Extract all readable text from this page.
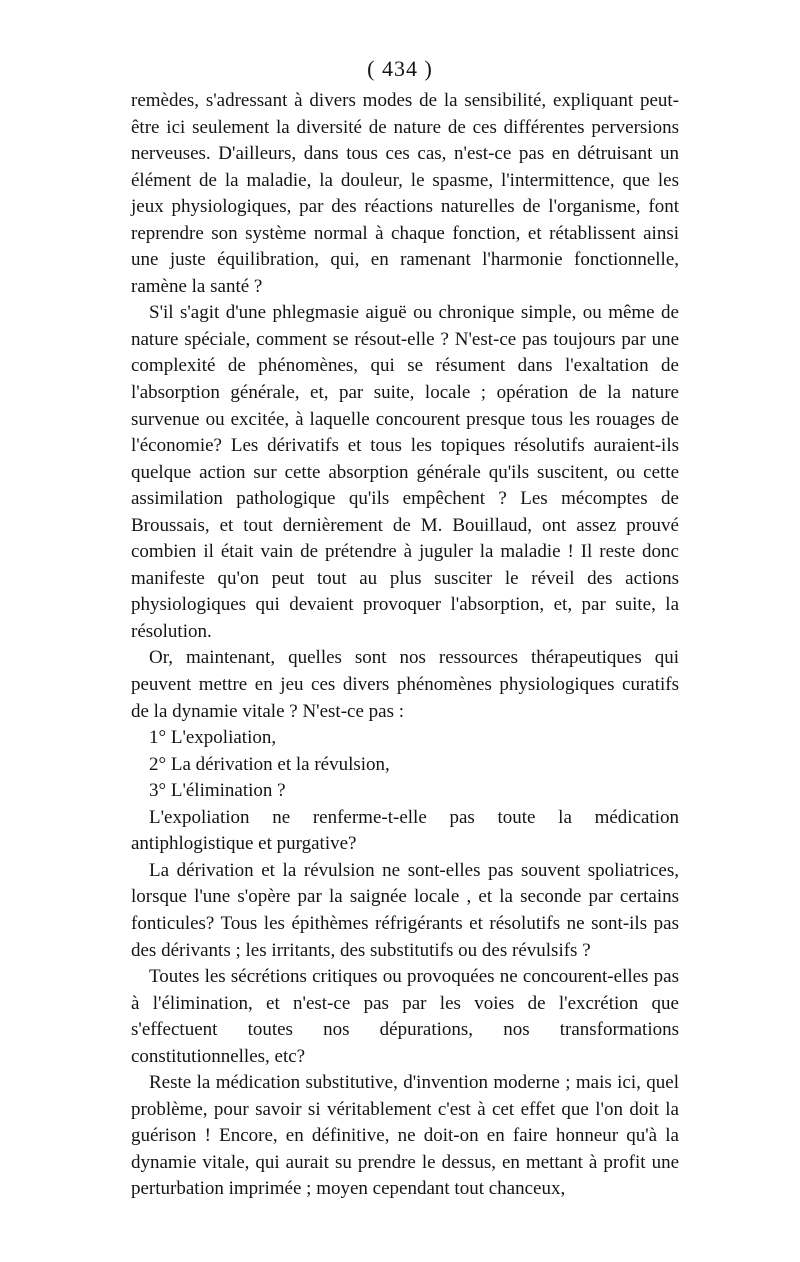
( 434 )

remèdes, s'adressant à divers modes de la sensibilité, expliquant peut-être ici seulement la diversité de nature de ces différentes perversions nerveuses. D'ailleurs, dans tous ces cas, n'est-ce pas en détruisant un élément de la maladie, la douleur, le spasme, l'intermittence, que les jeux physiologiques, par des réactions naturelles de l'organisme, font reprendre son système normal à chaque fonction, et rétablissent ainsi une juste équilibration, qui, en ramenant l'harmonie fonctionnelle, ramène la santé ?

S'il s'agit d'une phlegmasie aiguë ou chronique simple, ou même de nature spéciale, comment se résout-elle ? N'est-ce pas toujours par une complexité de phénomènes, qui se résument dans l'exaltation de l'absorption générale, et, par suite, locale ; opération de la nature survenue ou excitée, à laquelle concourent presque tous les rouages de l'économie? Les dérivatifs et tous les topiques résolutifs auraient-ils quelque action sur cette absorption générale qu'ils suscitent, ou cette assimilation pathologique qu'ils empêchent ? Les mécomptes de Broussais, et tout dernièrement de M. Bouillaud, ont assez prouvé combien il était vain de prétendre à juguler la maladie ! Il reste donc manifeste qu'on peut tout au plus susciter le réveil des actions physiologiques qui devaient provoquer l'absorption, et, par suite, la résolution.

Or, maintenant, quelles sont nos ressources thérapeutiques qui peuvent mettre en jeu ces divers phénomènes physiologiques curatifs de la dynamie vitale ? N'est-ce pas :

1° L'expoliation,

2° La dérivation et la révulsion,

3° L'élimination ?

L'expoliation ne renferme-t-elle pas toute la médication antiphlogistique et purgative?

La dérivation et la révulsion ne sont-elles pas souvent spoliatrices, lorsque l'une s'opère par la saignée locale , et la seconde par certains fonticules? Tous les épithèmes réfrigérants et résolutifs ne sont-ils pas des dérivants ; les irritants, des substitutifs ou des révulsifs ?

Toutes les sécrétions critiques ou provoquées ne concourent-elles pas à l'élimination, et n'est-ce pas par les voies de l'excrétion que s'effectuent toutes nos dépurations, nos transformations constitutionnelles, etc?

Reste la médication substitutive, d'invention moderne ; mais ici, quel problème, pour savoir si véritablement c'est à cet effet que l'on doit la guérison ! Encore, en définitive, ne doit-on en faire honneur qu'à la dynamie vitale, qui aurait su prendre le dessus, en mettant à profit une perturbation imprimée ; moyen cependant tout chanceux,
